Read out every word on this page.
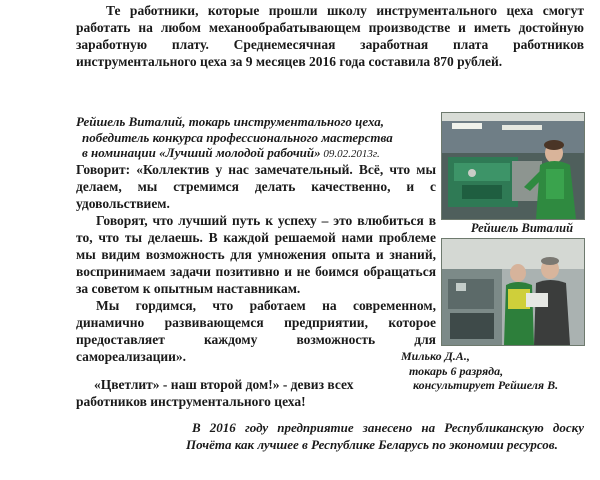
Те работники, которые прошли школу инструментального цеха смогут работать на любом механообрабатывающем производстве и иметь достойную заработную плату. Среднемесячная заработная плата работников инструментального цеха за 9 месяцев 2016 года составила 870 рублей.

Рейшель Виталий, токарь инструментального цеха,
победитель конкурса профессионального мастерства
в номинации «Лучший молодой рабочий» 09.02.2013г.

Говорит: «Коллектив у нас замечательный. Всё, что мы делаем, мы стремимся делать качественно, и с удовольствием.

Говорят, что лучший путь к успеху – это влюбиться в то, что ты делаешь. В каждой решаемой нами проблеме мы видим возможность для умножения опыта и знаний, воспринимаем задачи позитивно и не боимся обращаться за советом к опытным наставникам.

Мы гордимся, что работаем на современном, динамично развивающемся предприятии, которое предоставляет каждому возможность для самореализации».

Рейшель Виталий
Милько Д.А.,
токарь 6 разряда,
консультирует Рейшеля В.
«Цветлит» - наш второй дом!» - девиз всех
работников инструментального цеха!

В 2016 году предприятие занесено на Республиканскую доску Почёта как лучшее в Республике Беларусь по экономии ресурсов.
